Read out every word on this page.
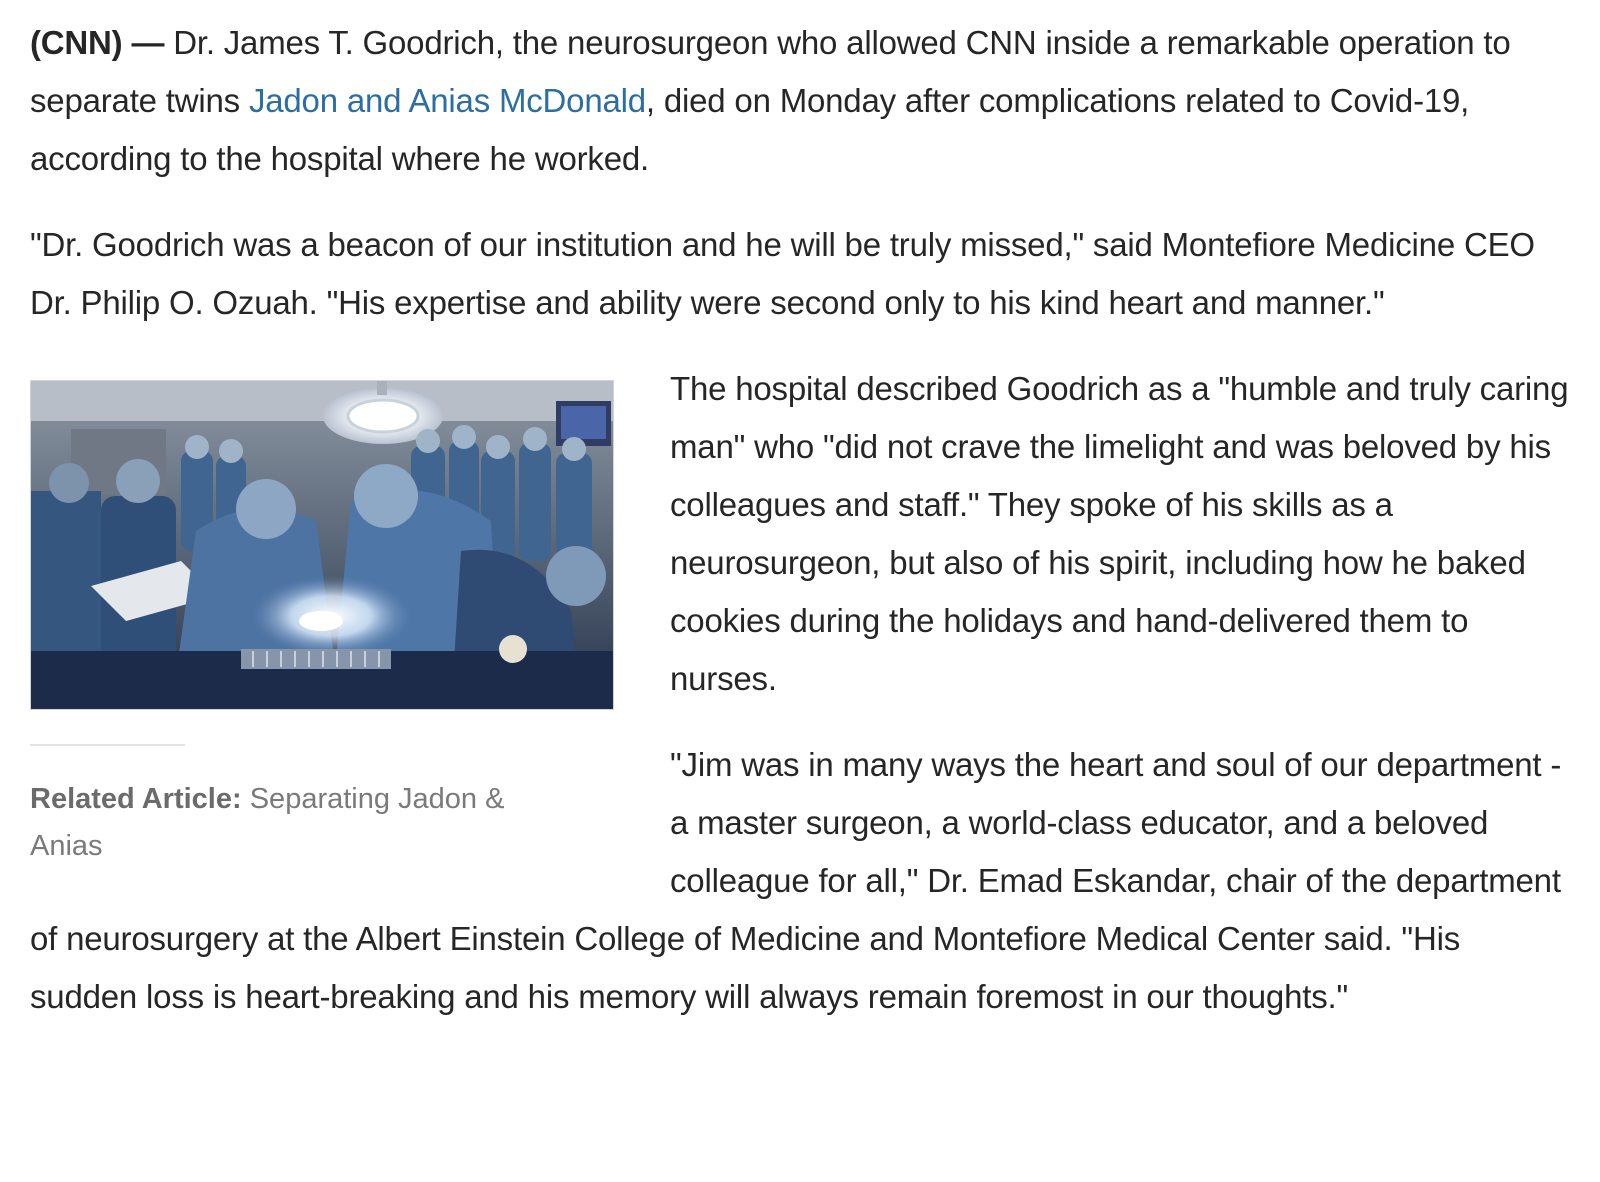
(CNN) — Dr. James T. Goodrich, the neurosurgeon who allowed CNN inside a remarkable operation to separate twins Jadon and Anias McDonald, died on Monday after complications related to Covid-19, according to the hospital where he worked.

"Dr. Goodrich was a beacon of our institution and he will be truly missed," said Montefiore Medicine CEO Dr. Philip O. Ozuah. "His expertise and ability were second only to his kind heart and manner."

Related Article: Separating Jadon & Anias

The hospital described Goodrich as a "humble and truly caring man" who "did not crave the limelight and was beloved by his colleagues and staff." They spoke of his skills as a neurosurgeon, but also of his spirit, including how he baked cookies during the holidays and hand-delivered them to nurses.

"Jim was in many ways the heart and soul of our department - a master surgeon, a world-class educator, and a beloved colleague for all," Dr. Emad Eskandar, chair of the department of neurosurgery at the Albert Einstein College of Medicine and Montefiore Medical Center said. "His sudden loss is heart-breaking and his memory will always remain foremost in our thoughts."
